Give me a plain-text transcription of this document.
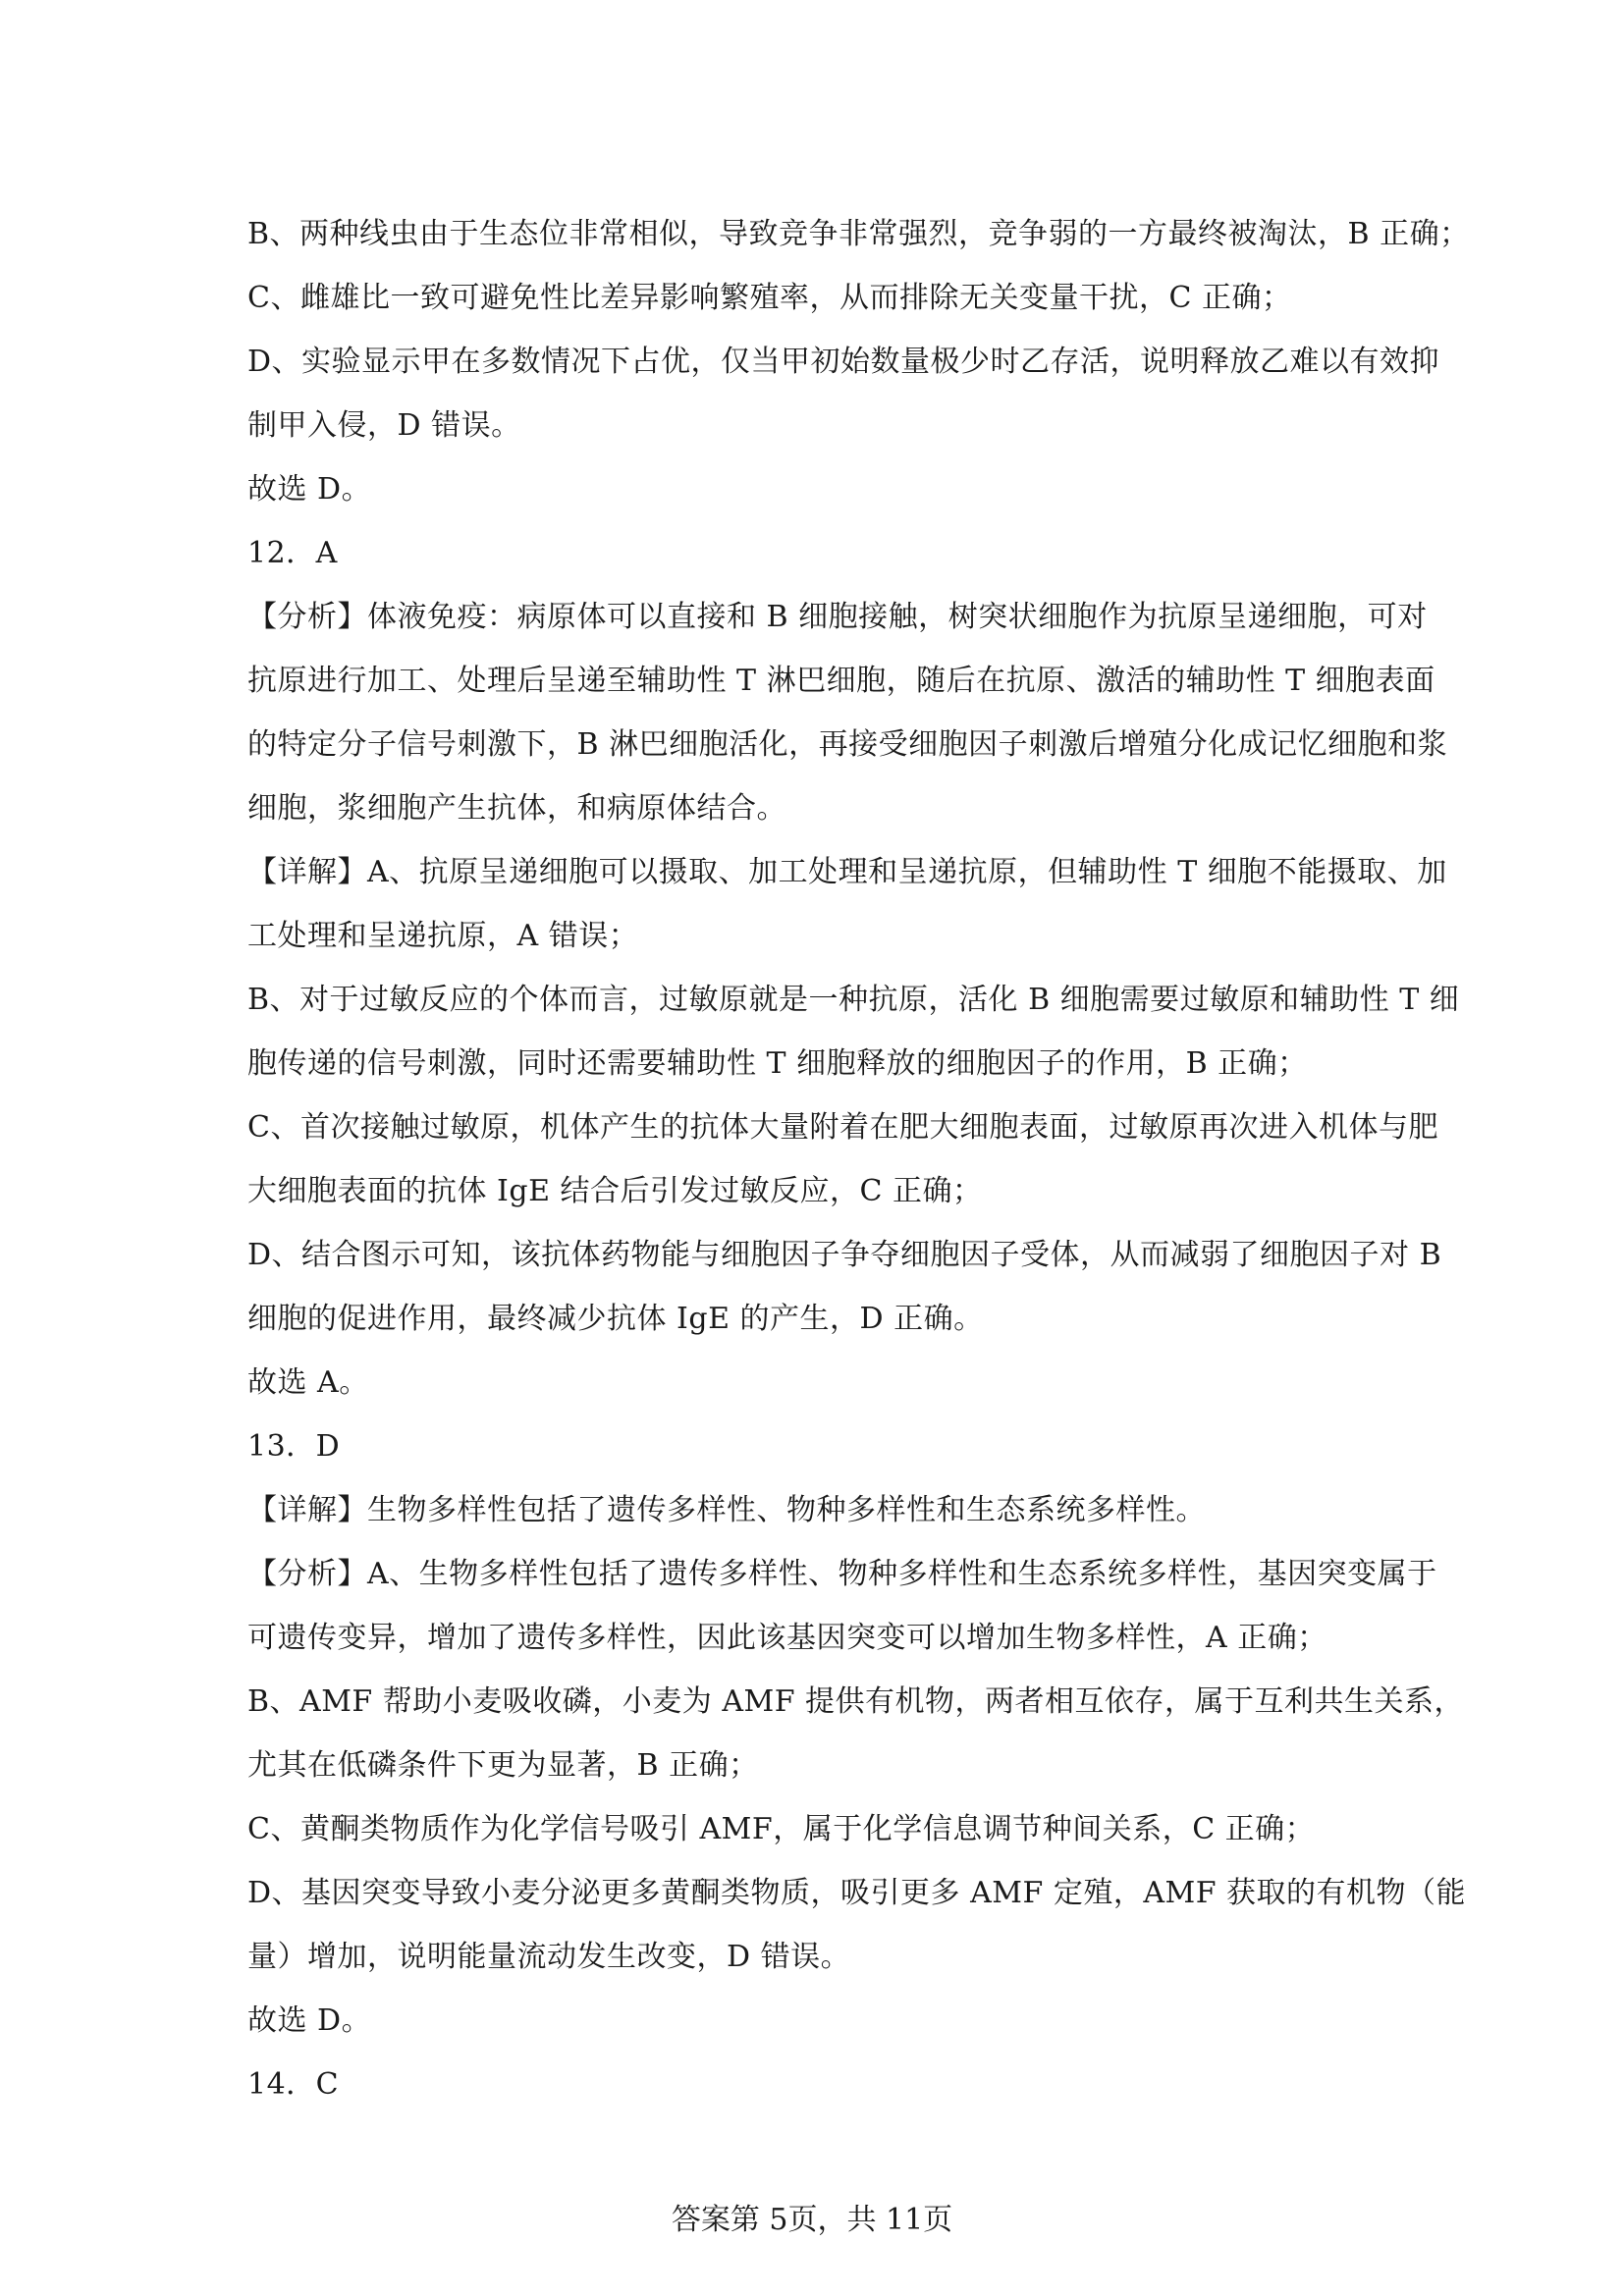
B、两种线虫由于生态位非常相似，导致竞争非常强烈，竞争弱的一方最终被淘汰，B 正确；
C、雌雄比一致可避免性比差异影响繁殖率，从而排除无关变量干扰，C 正确；
D、实验显示甲在多数情况下占优，仅当甲初始数量极少时乙存活，说明释放乙难以有效抑
制甲入侵，D 错误。
故选 D。
12．A
【分析】体液免疫：病原体可以直接和 B 细胞接触，树突状细胞作为抗原呈递细胞，可对
抗原进行加工、处理后呈递至辅助性 T 淋巴细胞，随后在抗原、激活的辅助性 T 细胞表面
的特定分子信号刺激下，B 淋巴细胞活化，再接受细胞因子刺激后增殖分化成记忆细胞和浆
细胞，浆细胞产生抗体，和病原体结合。
【详解】A、抗原呈递细胞可以摄取、加工处理和呈递抗原，但辅助性 T 细胞不能摄取、加
工处理和呈递抗原，A 错误；
B、对于过敏反应的个体而言，过敏原就是一种抗原，活化 B 细胞需要过敏原和辅助性 T 细
胞传递的信号刺激，同时还需要辅助性 T 细胞释放的细胞因子的作用，B 正确；
C、首次接触过敏原，机体产生的抗体大量附着在肥大细胞表面，过敏原再次进入机体与肥
大细胞表面的抗体 IgE 结合后引发过敏反应，C 正确；
D、结合图示可知，该抗体药物能与细胞因子争夺细胞因子受体，从而减弱了细胞因子对 B
细胞的促进作用，最终减少抗体 IgE 的产生，D 正确。
故选 A。
13．D
【详解】生物多样性包括了遗传多样性、物种多样性和生态系统多样性。
【分析】A、生物多样性包括了遗传多样性、物种多样性和生态系统多样性，基因突变属于
可遗传变异，增加了遗传多样性，因此该基因突变可以增加生物多样性，A 正确；
B、AMF 帮助小麦吸收磷，小麦为 AMF 提供有机物，两者相互依存，属于互利共生关系，
尤其在低磷条件下更为显著，B 正确；
C、黄酮类物质作为化学信号吸引 AMF，属于化学信息调节种间关系，C 正确；
D、基因突变导致小麦分泌更多黄酮类物质，吸引更多 AMF 定殖，AMF 获取的有机物（能
量）增加，说明能量流动发生改变，D 错误。
故选 D。
14．C
答案第 5页，共 11页
